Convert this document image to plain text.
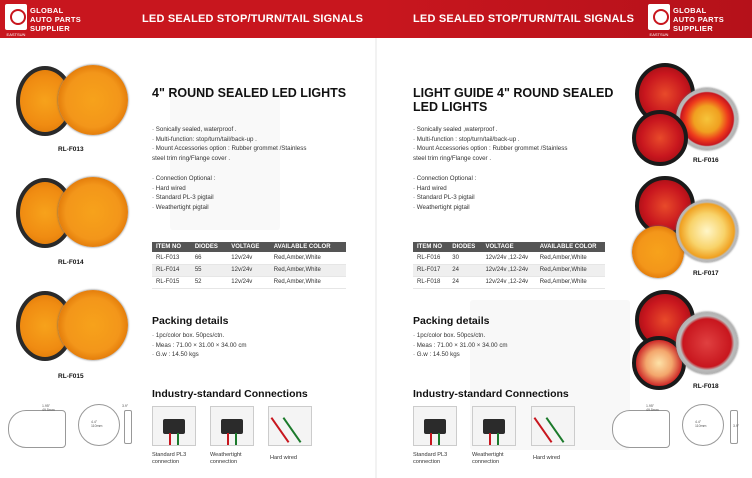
EASTSUN
GLOBAL
AUTO PARTS
SUPPLIER
LED SEALED STOP/TURN/TAIL SIGNALS	LED SEALED STOP/TURN/TAIL SIGNALS
EASTSUN
GLOBAL
AUTO PARTS
SUPPLIER
RL-F013
RL-F014
RL-F015
4" ROUND SEALED LED LIGHTS
· Sonically sealed, waterproof .
· Multi-function: stop/turn/tail/back-up .
· Mount Accessories option : Rubber grommet /Stainless
steel trim ring/Flange cover .
· Connection Optional :
· Hard wired
· Standard PL-3 pigtail
· Weathertight pigtail
ITEM NO	DIODES	VOLTAGE	AVAILABLE COLOR
RL-F013	66	12v/24v	Red,Amber,White
RL-F014	55	12v/24v	Red,Amber,White
RL-F015	52	12v/24v	Red,Amber,White
Packing details
· 1pc/color box. 50pcs/ctn.
· Meas : 71.00 × 31.00 × 34.00 cm
· G.w : 14.50 kgs
Industry-standard Connections
Standard PL3
connection
Weathertight
connection
Hard wired
1.95"
49.5mm
4.4"
110mm
3.9"
LIGHT GUIDE 4" ROUND SEALED
LED LIGHTS
· Sonically sealed ,waterproof .
· Multi-function : stop/turn/tail/back-up .
· Mount Accessories option : Rubber grommet /Stainless
steel trim ring/Flange cover .
· Connection Optional :
· Hard wired
· Standard PL-3 pigtail
· Weathertight pigtail
ITEM NO	DIODES	VOLTAGE	AVAILABLE COLOR
RL-F016	30	12v/24v ,12-24v	Red,Amber,White
RL-F017	24	12v/24v ,12-24v	Red,Amber,White
RL-F018	24	12v/24v ,12-24v	Red,Amber,White
Packing details
· 1pc/color box. 50pcs/ctn.
· Meas : 71.00 × 31.00 × 34.00 cm
· G.w : 14.50 kgs
Industry-standard Connections
Standard PL3
connection
Weathertight
connection
Hard wired
RL-F016
RL-F017
RL-F018
1.95"
49.5mm
4.4"
110mm	3.9"
